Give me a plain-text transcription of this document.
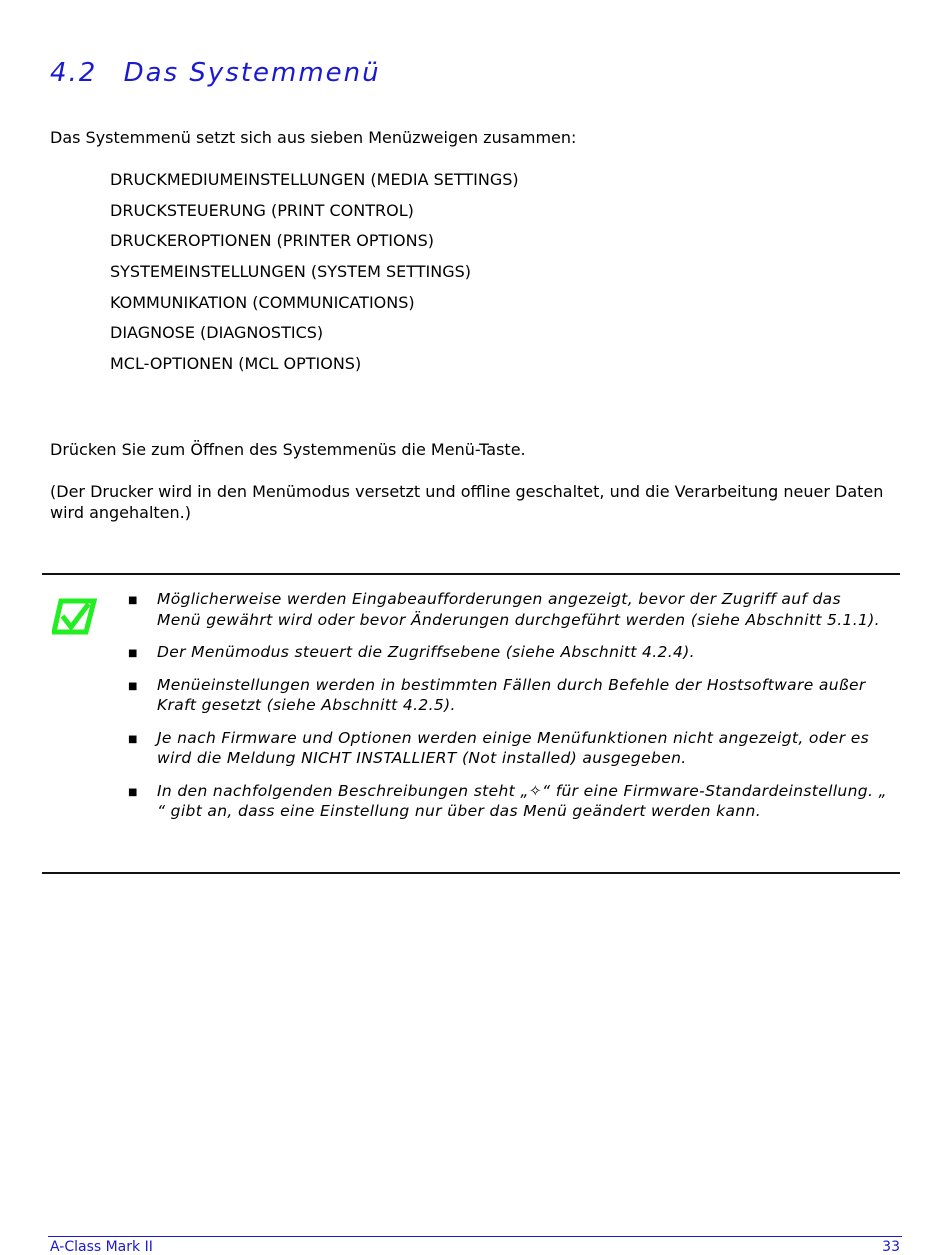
4.2 Das Systemmenü
Das Systemmenü setzt sich aus sieben Menüzweigen zusammen:
DRUCKMEDIUMEINSTELLUNGEN (MEDIA SETTINGS)
DRUCKSTEUERUNG (PRINT CONTROL)
DRUCKEROPTIONEN (PRINTER OPTIONS)
SYSTEMEINSTELLUNGEN (SYSTEM SETTINGS)
KOMMUNIKATION (COMMUNICATIONS)
DIAGNOSE (DIAGNOSTICS)
MCL-OPTIONEN (MCL OPTIONS)
Drücken Sie zum Öffnen des Systemmenüs die Menü-Taste.
(Der Drucker wird in den Menümodus versetzt und offline geschaltet, und die Verarbeitung neuer Daten wird angehalten.)
■ Möglicherweise werden Eingabeaufforderungen angezeigt, bevor der Zugriff auf das Menü gewährt wird oder bevor Änderungen durchgeführt werden (siehe Abschnitt 5.1.1).
■ Der Menümodus steuert die Zugriffsebene (siehe Abschnitt 4.2.4).
■ Menüeinstellungen werden in bestimmten Fällen durch Befehle der Hostsoftware außer Kraft gesetzt (siehe Abschnitt 4.2.5).
■ Je nach Firmware und Optionen werden einige Menüfunktionen nicht angezeigt, oder es wird die Meldung NICHT INSTALLIERT (Not installed) ausgegeben.
■ In den nachfolgenden Beschreibungen steht „✧“ für eine Firmware-Standardeinstellung. „ “ gibt an, dass eine Einstellung nur über das Menü geändert werden kann.
A-Class Mark II	33
